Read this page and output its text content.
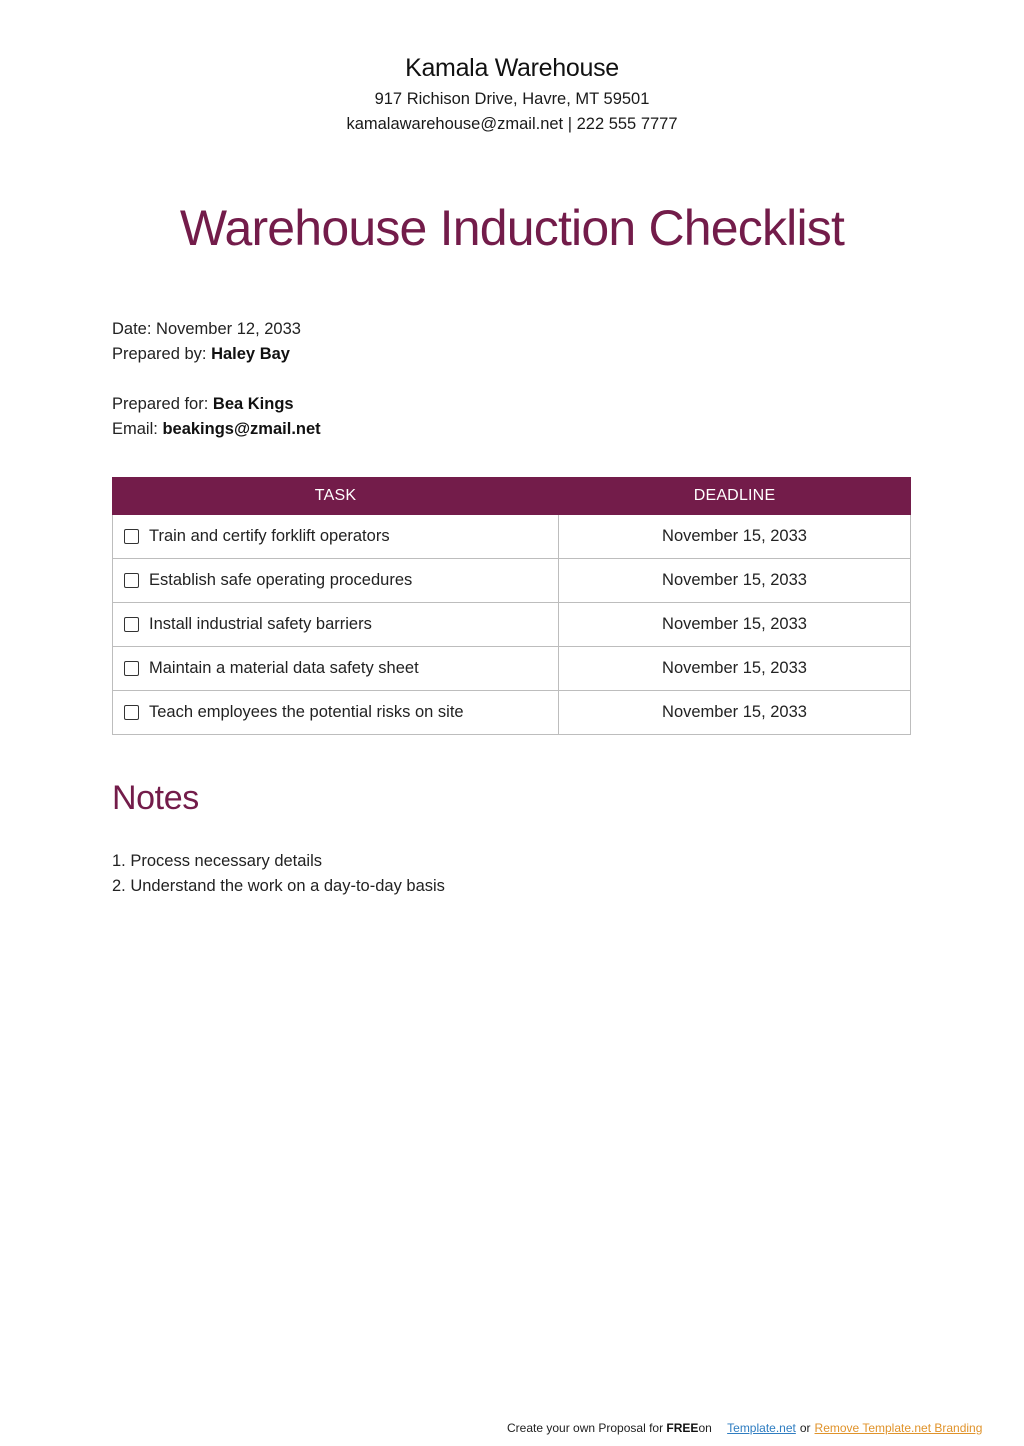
Kamala Warehouse
917 Richison Drive, Havre, MT 59501
kamalawarehouse@zmail.net | 222 555 7777
Warehouse Induction Checklist
Date: November 12, 2033
Prepared by: Haley Bay
Prepared for: Bea Kings
Email: beakings@zmail.net
TASK	DEADLINE

Train and certify forklift operators	November 15, 2033

Establish safe operating procedures	November 15, 2033

Install industrial safety barriers	November 15, 2033

Maintain a material data safety sheet	November 15, 2033

Teach employees the potential risks on site	November 15, 2033
Notes
1. Process necessary details
2. Understand the work on a day-to-day basis
Create your own Proposal for FREEon Template.net or Remove Template.net Branding
